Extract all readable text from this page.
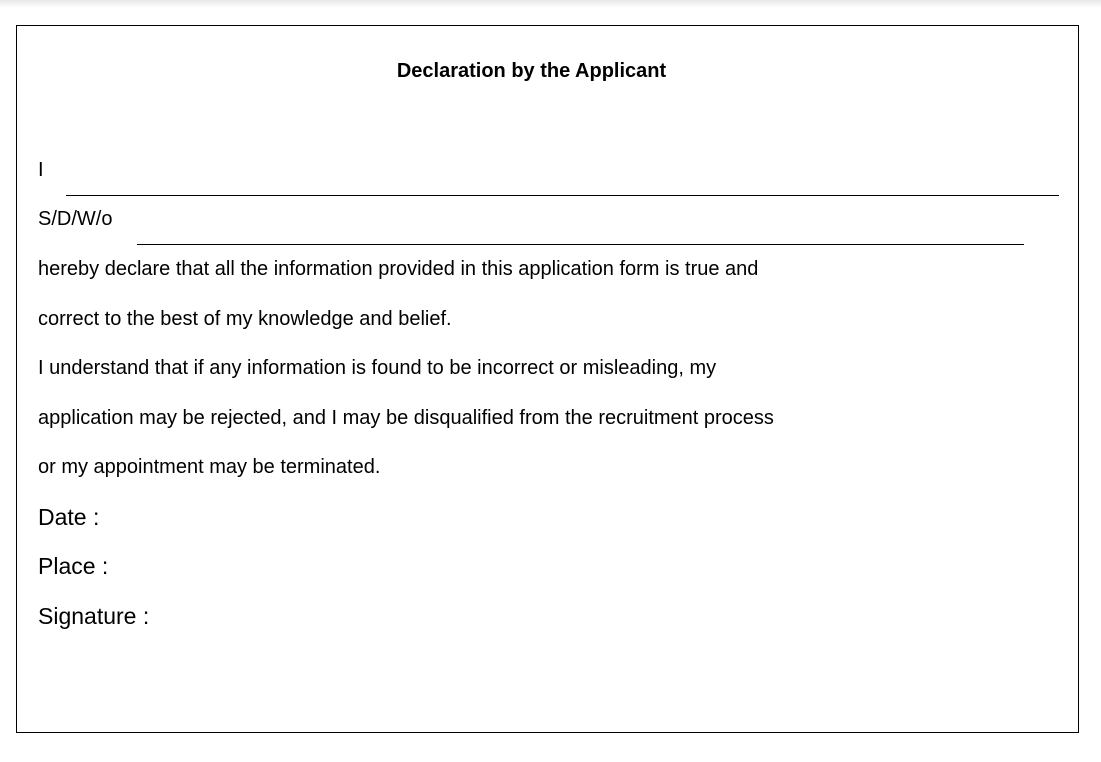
Declaration by the Applicant
I
S/D/W/o
hereby declare that all the information provided in this application form is true and
correct to the best of my knowledge and belief.
I understand that if any information is found to be incorrect or misleading, my
application may be rejected, and I may be disqualified from the recruitment process
or my appointment may be terminated.
Date :
Place :
Signature :
